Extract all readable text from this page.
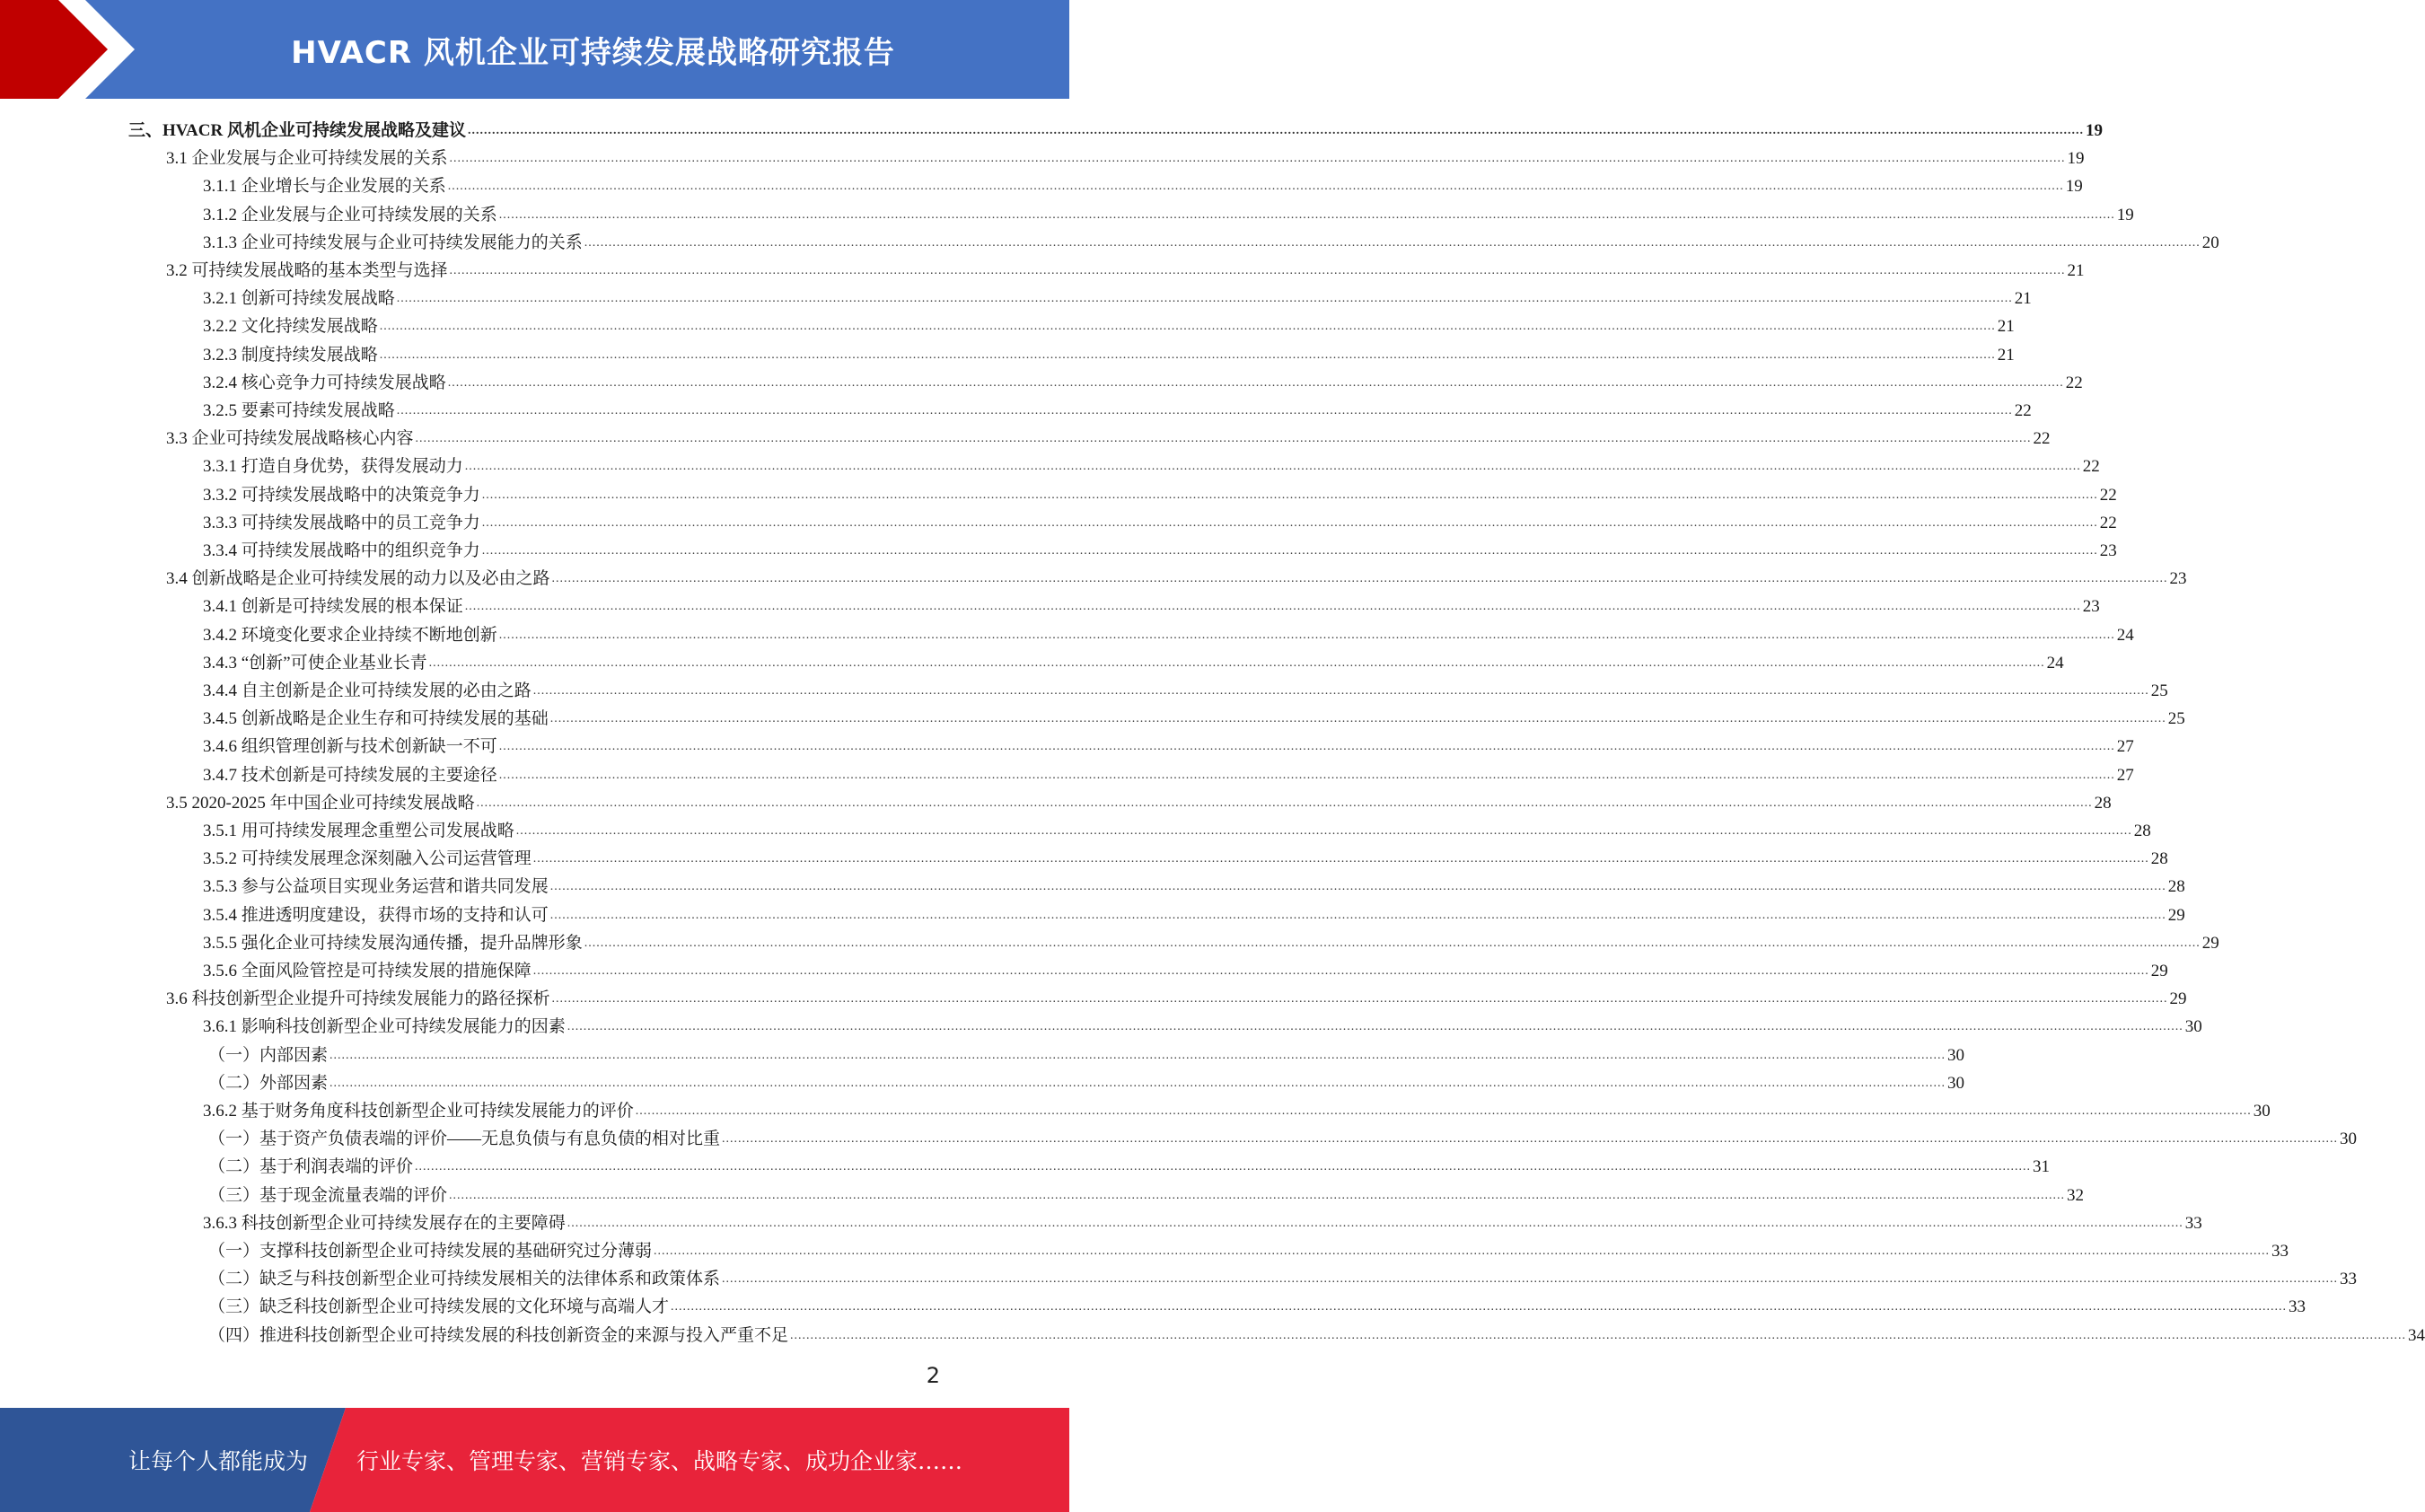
HVACR 风机企业可持续发展战略研究报告
三、HVACR 风机企业可持续发展战略及建议 ................................................................................................................................................................................................................................................................................................................................................................................................................ 19
3.1 企业发展与企业可持续发展的关系 ................................................................................................................................................................................................................................................................................................................................................................................................................ 19
3.1.1 企业增长与企业发展的关系 ................................................................................................................................................................................................................................................................................................................................................................................................................ 19
3.1.2 企业发展与企业可持续发展的关系 ................................................................................................................................................................................................................................................................................................................................................................................................................ 19
3.1.3 企业可持续发展与企业可持续发展能力的关系 ................................................................................................................................................................................................................................................................................................................................................................................................................ 20
3.2 可持续发展战略的基本类型与选择 ................................................................................................................................................................................................................................................................................................................................................................................................................ 21
3.2.1 创新可持续发展战略 ................................................................................................................................................................................................................................................................................................................................................................................................................ 21
3.2.2 文化持续发展战略 ................................................................................................................................................................................................................................................................................................................................................................................................................ 21
3.2.3 制度持续发展战略 ................................................................................................................................................................................................................................................................................................................................................................................................................ 21
3.2.4 核心竞争力可持续发展战略 ................................................................................................................................................................................................................................................................................................................................................................................................................ 22
3.2.5 要素可持续发展战略 ................................................................................................................................................................................................................................................................................................................................................................................................................ 22
3.3 企业可持续发展战略核心内容 ................................................................................................................................................................................................................................................................................................................................................................................................................ 22
3.3.1 打造自身优势，获得发展动力 ................................................................................................................................................................................................................................................................................................................................................................................................................ 22
3.3.2 可持续发展战略中的决策竞争力 ................................................................................................................................................................................................................................................................................................................................................................................................................ 22
3.3.3 可持续发展战略中的员工竞争力 ................................................................................................................................................................................................................................................................................................................................................................................................................ 22
3.3.4 可持续发展战略中的组织竞争力 ................................................................................................................................................................................................................................................................................................................................................................................................................ 23
3.4 创新战略是企业可持续发展的动力以及必由之路 ................................................................................................................................................................................................................................................................................................................................................................................................................ 23
3.4.1 创新是可持续发展的根本保证 ................................................................................................................................................................................................................................................................................................................................................................................................................ 23
3.4.2 环境变化要求企业持续不断地创新 ................................................................................................................................................................................................................................................................................................................................................................................................................ 24
3.4.3 “创新”可使企业基业长青 ................................................................................................................................................................................................................................................................................................................................................................................................................ 24
3.4.4 自主创新是企业可持续发展的必由之路 ................................................................................................................................................................................................................................................................................................................................................................................................................ 25
3.4.5 创新战略是企业生存和可持续发展的基础 ................................................................................................................................................................................................................................................................................................................................................................................................................ 25
3.4.6 组织管理创新与技术创新缺一不可 ................................................................................................................................................................................................................................................................................................................................................................................................................ 27
3.4.7 技术创新是可持续发展的主要途径 ................................................................................................................................................................................................................................................................................................................................................................................................................ 27
3.5 2020-2025 年中国企业可持续发展战略 ................................................................................................................................................................................................................................................................................................................................................................................................................ 28
3.5.1 用可持续发展理念重塑公司发展战略 ................................................................................................................................................................................................................................................................................................................................................................................................................ 28
3.5.2 可持续发展理念深刻融入公司运营管理 ................................................................................................................................................................................................................................................................................................................................................................................................................ 28
3.5.3 参与公益项目实现业务运营和谐共同发展 ................................................................................................................................................................................................................................................................................................................................................................................................................ 28
3.5.4 推进透明度建设，获得市场的支持和认可 ................................................................................................................................................................................................................................................................................................................................................................................................................ 29
3.5.5 强化企业可持续发展沟通传播，提升品牌形象 ................................................................................................................................................................................................................................................................................................................................................................................................................ 29
3.5.6 全面风险管控是可持续发展的措施保障 ................................................................................................................................................................................................................................................................................................................................................................................................................ 29
3.6 科技创新型企业提升可持续发展能力的路径探析 ................................................................................................................................................................................................................................................................................................................................................................................................................ 29
3.6.1 影响科技创新型企业可持续发展能力的因素 ................................................................................................................................................................................................................................................................................................................................................................................................................ 30
（一）内部因素 ................................................................................................................................................................................................................................................................................................................................................................................................................ 30
（二）外部因素 ................................................................................................................................................................................................................................................................................................................................................................................................................ 30
3.6.2 基于财务角度科技创新型企业可持续发展能力的评价 ................................................................................................................................................................................................................................................................................................................................................................................................................ 30
（一）基于资产负债表端的评价——无息负债与有息负债的相对比重 ................................................................................................................................................................................................................................................................................................................................................................................................................ 30
（二）基于利润表端的评价 ................................................................................................................................................................................................................................................................................................................................................................................................................ 31
（三）基于现金流量表端的评价 ................................................................................................................................................................................................................................................................................................................................................................................................................ 32
3.6.3 科技创新型企业可持续发展存在的主要障碍 ................................................................................................................................................................................................................................................................................................................................................................................................................ 33
（一）支撑科技创新型企业可持续发展的基础研究过分薄弱 ................................................................................................................................................................................................................................................................................................................................................................................................................ 33
（二）缺乏与科技创新型企业可持续发展相关的法律体系和政策体系 ................................................................................................................................................................................................................................................................................................................................................................................................................ 33
（三）缺乏科技创新型企业可持续发展的文化环境与高端人才 ................................................................................................................................................................................................................................................................................................................................................................................................................ 33
（四）推进科技创新型企业可持续发展的科技创新资金的来源与投入严重不足 ................................................................................................................................................................................................................................................................................................................................................................................................................ 34
2
让每个人都能成为 行业专家、管理专家、营销专家、战略专家、成功企业家……
